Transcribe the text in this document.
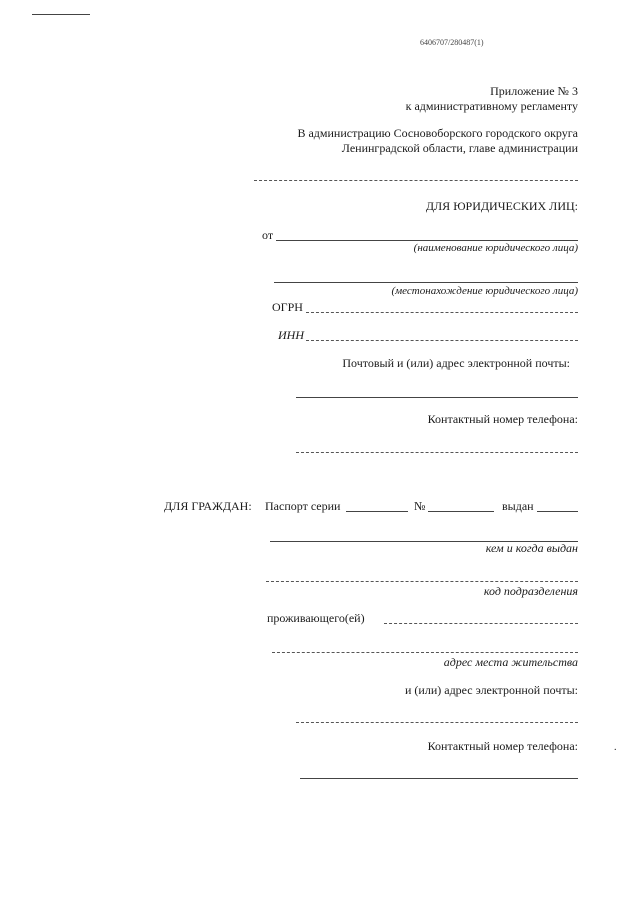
6406707/280487(1)
Приложение № 3
к административному регламенту
В администрацию Сосновоборского городского округа
Ленинградской области, главе администрации
ДЛЯ ЮРИДИЧЕСКИХ ЛИЦ:
от
(наименование юридического лица)
(местонахождение юридического лица)
ОГРН
ИНН
Почтовый и (или) адрес электронной почты:
Контактный номер телефона:
ДЛЯ ГРАЖДАН: Паспорт серии	№	выдан
кем и когда выдан
код подразделения
проживающего(ей)
адрес места жительства
и (или) адрес электронной почты:
Контактный номер телефона:	.
